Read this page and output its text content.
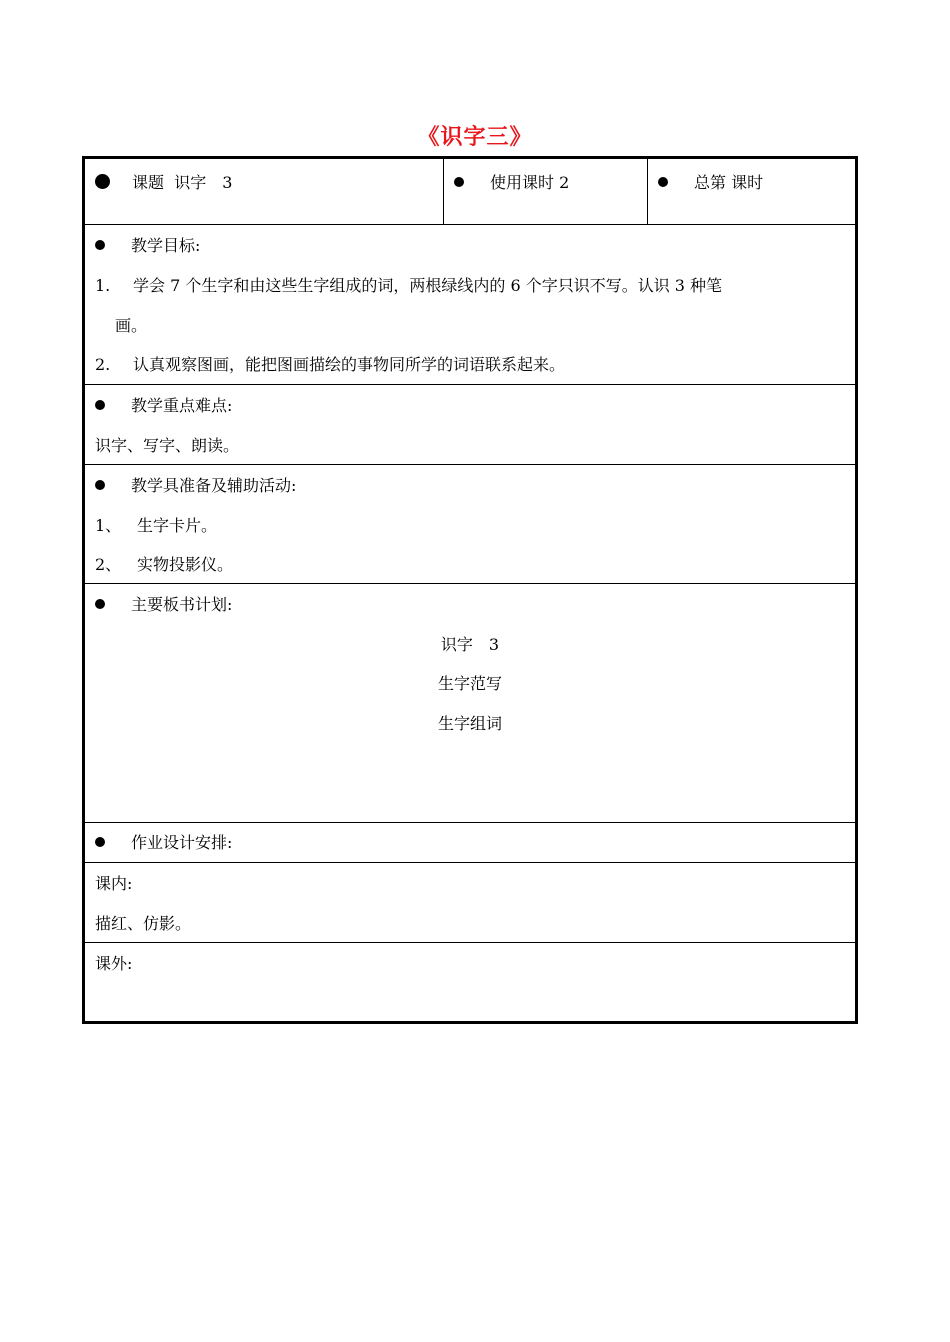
《识字三》
课题 识字　3	使用课时 2	总第 课时
教学目标:
1. 学会 7 个生字和由这些生字组成的词，两根绿线内的 6 个字只识不写。认识 3 种笔
画。
2. 认真观察图画，能把图画描绘的事物同所学的词语联系起来。
教学重点难点:
识字、写字、朗读。
教学具准备及辅助活动:
1、 生字卡片。
2、 实物投影仪。
主要板书计划:
识字　3
生字范写
生字组词
作业设计安排:
课内:
描红、仿影。
课外:
